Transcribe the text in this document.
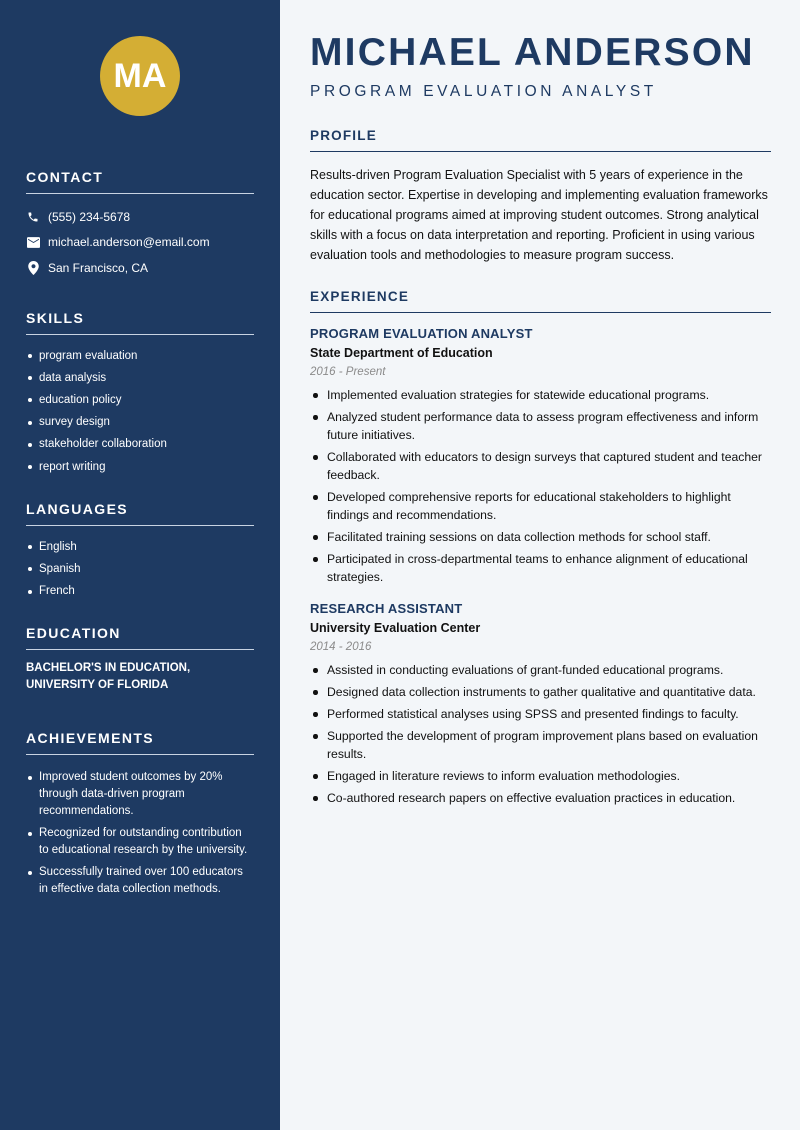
MA
CONTACT
(555) 234-5678
michael.anderson@email.com
San Francisco, CA
SKILLS
program evaluation
data analysis
education policy
survey design
stakeholder collaboration
report writing
LANGUAGES
English
Spanish
French
EDUCATION
BACHELOR'S IN EDUCATION,
UNIVERSITY OF FLORIDA
ACHIEVEMENTS
Improved student outcomes by 20% through data-driven program recommendations.
Recognized for outstanding contribution to educational research by the university.
Successfully trained over 100 educators in effective data collection methods.
MICHAEL ANDERSON
PROGRAM EVALUATION ANALYST
PROFILE

Results-driven Program Evaluation Specialist with 5 years of experience in the education sector. Expertise in developing and implementing evaluation frameworks for educational programs aimed at improving student outcomes. Strong analytical skills with a focus on data interpretation and reporting. Proficient in using various evaluation tools and methodologies to measure program success.

EXPERIENCE
PROGRAM EVALUATION ANALYST
State Department of Education
2016 - Present
Implemented evaluation strategies for statewide educational programs.
Analyzed student performance data to assess program effectiveness and inform future initiatives.
Collaborated with educators to design surveys that captured student and teacher feedback.
Developed comprehensive reports for educational stakeholders to highlight findings and recommendations.
Facilitated training sessions on data collection methods for school staff.
Participated in cross-departmental teams to enhance alignment of educational strategies.
RESEARCH ASSISTANT
University Evaluation Center
2014 - 2016
Assisted in conducting evaluations of grant-funded educational programs.
Designed data collection instruments to gather qualitative and quantitative data.
Performed statistical analyses using SPSS and presented findings to faculty.
Supported the development of program improvement plans based on evaluation results.
Engaged in literature reviews to inform evaluation methodologies.
Co-authored research papers on effective evaluation practices in education.
